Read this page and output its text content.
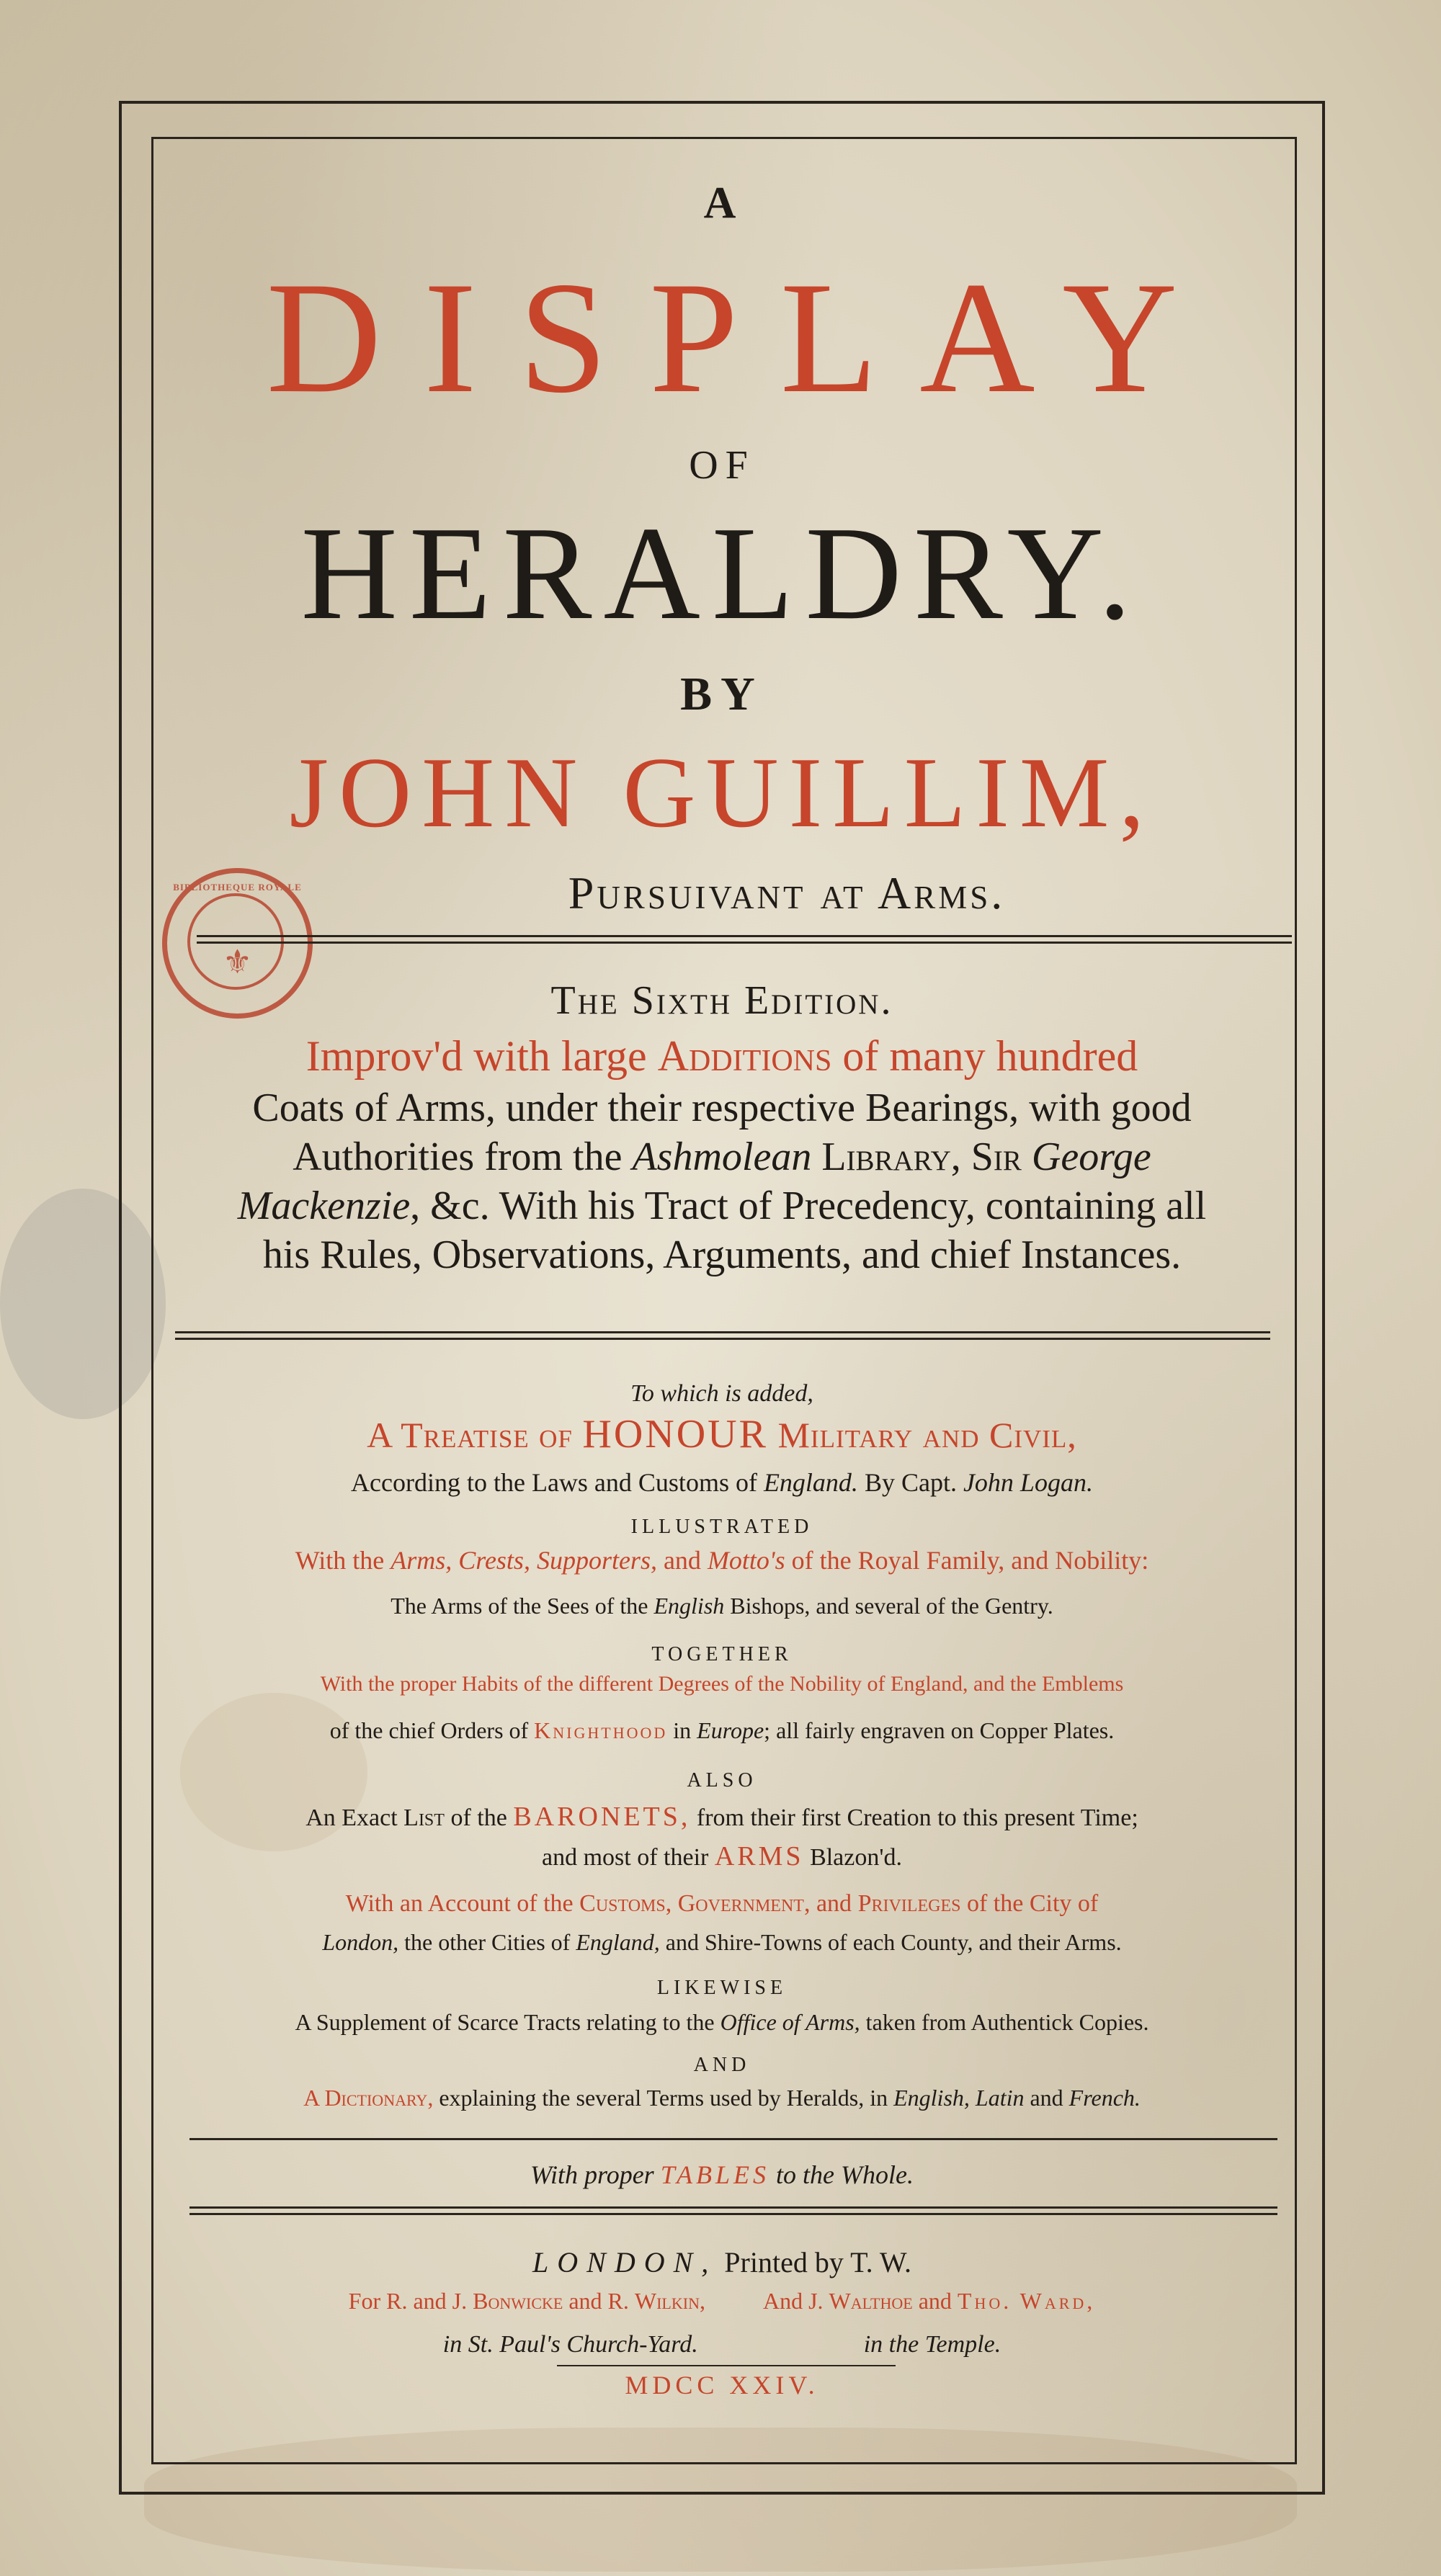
BIBLIOTHEQUE ROYALE
⚜
A
DISPLAY
OF
HERALDRY.
BY
JOHN GUILLIM,
Pursuivant at Arms.
The Sixth Edition.
Improv'd with large Additions of many hundred
Coats of Arms, under their respective Bearings, with good
Authorities from the Ashmolean Library, Sir George
Mackenzie, &c. With his Tract of Precedency, containing all
his Rules, Observations, Arguments, and chief Instances.
To which is added,
A Treatise of HONOUR Military and Civil,
According to the Laws and Customs of England. By Capt. John Logan.
ILLUSTRATED
With the Arms, Crests, Supporters, and Motto's of the Royal Family, and Nobility:
The Arms of the Sees of the English Bishops, and several of the Gentry.
TOGETHER
With the proper Habits of the different Degrees of the Nobility of England, and the Emblems
of the chief Orders of Knighthood in Europe; all fairly engraven on Copper Plates.
ALSO
An Exact List of the BARONETS, from their first Creation to this present Time;
and most of their ARMS Blazon'd.
With an Account of the Customs, Government, and Privileges of the City of
London, the other Cities of England, and Shire-Towns of each County, and their Arms.
LIKEWISE
A Supplement of Scarce Tracts relating to the Office of Arms, taken from Authentick Copies.
AND
A Dictionary, explaining the several Terms used by Heralds, in English, Latin and French.
With proper TABLES to the Whole.
LONDON, Printed by T. W.
For R. and J. Bonwicke and R. Wilkin,	And J. Walthoe and Tho. Ward,
in St. Paul's Church-Yard.	in the Temple.
MDCC XXIV.
